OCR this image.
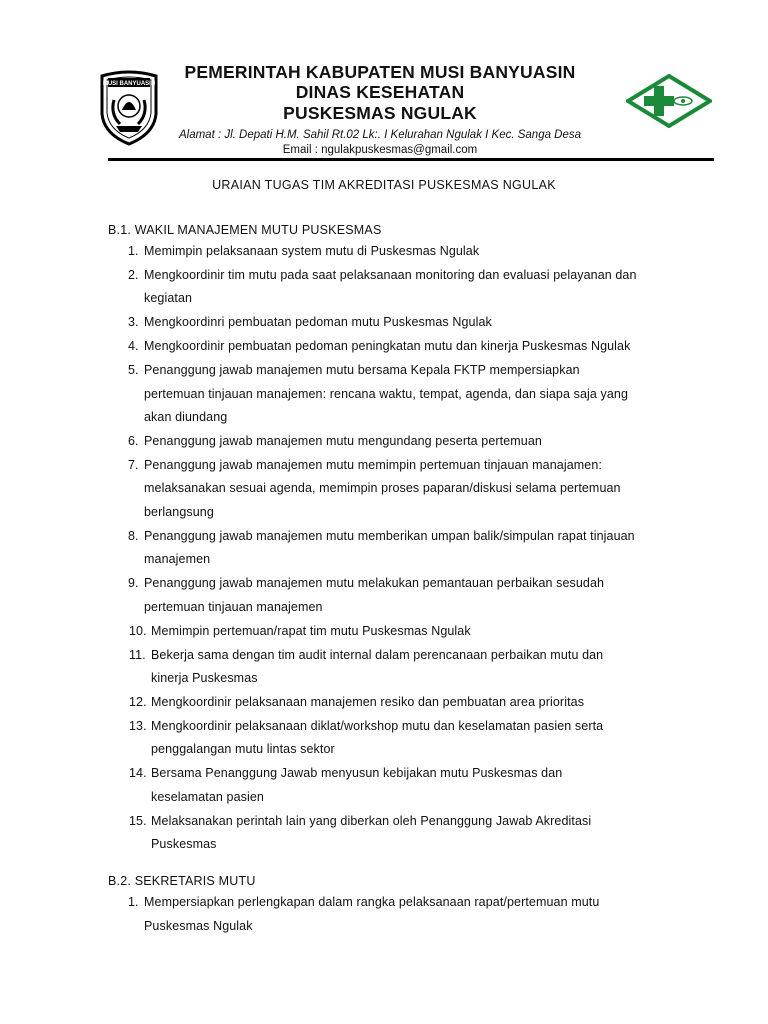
MUSI BANYUASIN
PEMERINTAH KABUPATEN MUSI BANYUASIN
DINAS KESEHATAN
PUSKESMAS NGULAK
Alamat : Jl. Depati H.M. Sahil Rt.02 Lk:. I Kelurahan Ngulak I Kec. Sanga Desa
Email : ngulakpuskesmas@gmail.com
URAIAN TUGAS TIM AKREDITASI PUSKESMAS NGULAK
B.1. WAKIL MANAJEMEN MUTU PUSKESMAS
1. Memimpin pelaksanaan system mutu di Puskesmas Ngulak
2. Mengkoordinir tim mutu pada saat pelaksanaan monitoring dan evaluasi pelayanan dan
kegiatan
3. Mengkoordinri pembuatan pedoman mutu Puskesmas Ngulak
4. Mengkoordinir pembuatan pedoman peningkatan mutu dan kinerja Puskesmas Ngulak
5. Penanggung jawab manajemen mutu bersama Kepala FKTP mempersiapkan
pertemuan tinjauan manajemen: rencana waktu, tempat, agenda, dan siapa saja yang
akan diundang
6. Penanggung jawab manajemen mutu mengundang peserta pertemuan
7. Penanggung jawab manajemen mutu memimpin pertemuan tinjauan manajamen:
melaksanakan sesuai agenda, memimpin proses paparan/diskusi selama pertemuan
berlangsung
8. Penanggung jawab manajemen mutu memberikan umpan balik/simpulan rapat tinjauan
manajemen
9. Penanggung jawab manajemen mutu melakukan pemantauan perbaikan sesudah
pertemuan tinjauan manajemen
10. Memimpin pertemuan/rapat tim mutu Puskesmas Ngulak
11. Bekerja sama dengan tim audit internal dalam perencanaan perbaikan mutu dan
kinerja Puskesmas
12. Mengkoordinir pelaksanaan manajemen resiko dan pembuatan area prioritas
13. Mengkoordinir pelaksanaan diklat/workshop mutu dan keselamatan pasien serta
penggalangan mutu lintas sektor
14. Bersama Penanggung Jawab menyusun kebijakan mutu Puskesmas dan
keselamatan pasien
15. Melaksanakan perintah lain yang diberkan oleh Penanggung Jawab Akreditasi
Puskesmas
B.2. SEKRETARIS MUTU
1. Mempersiapkan perlengkapan dalam rangka pelaksanaan rapat/pertemuan mutu
Puskesmas Ngulak
